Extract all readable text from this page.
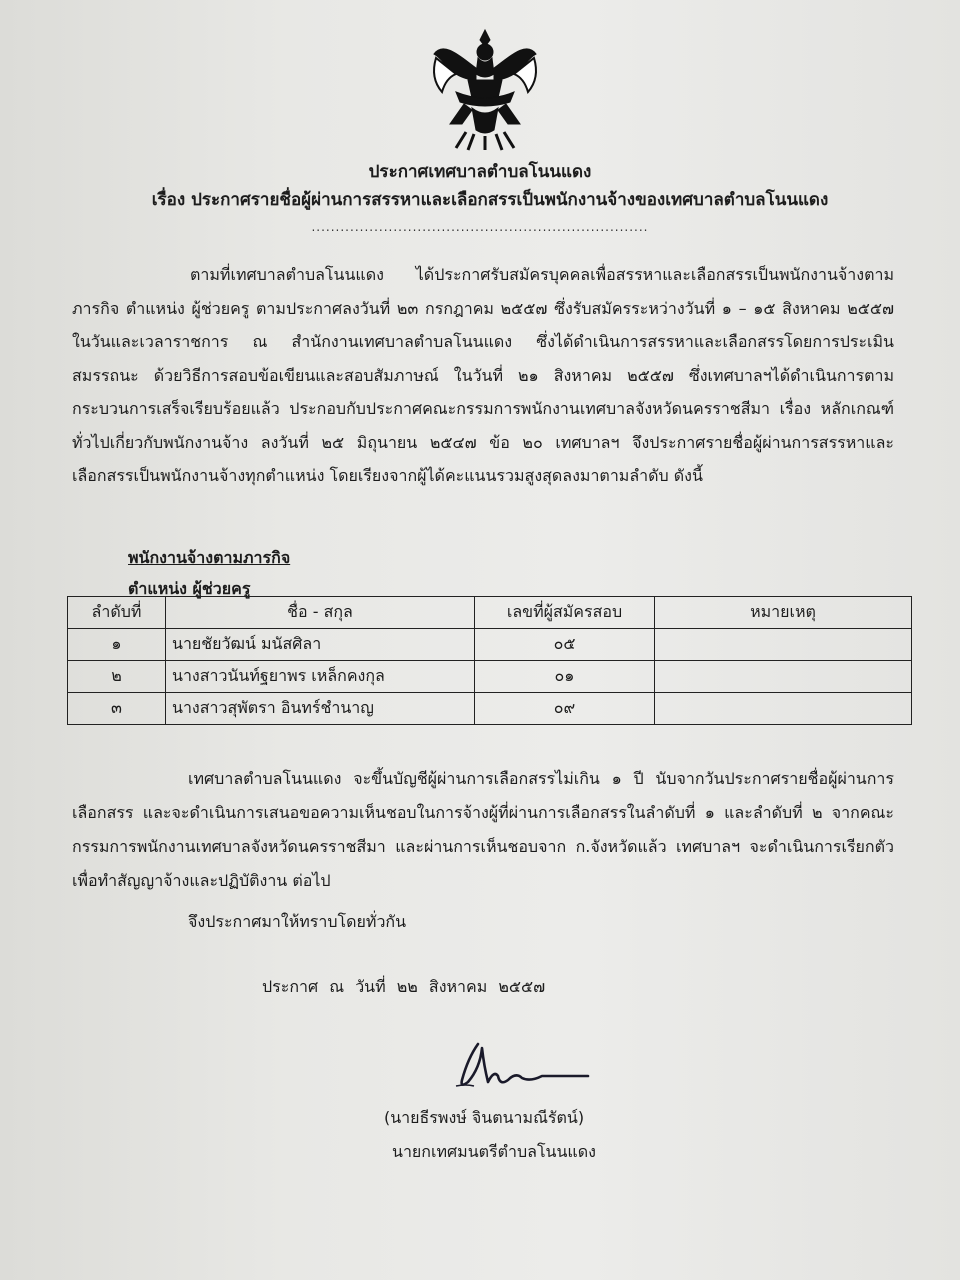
ประกาศเทศบาลตำบลโนนแดง
เรื่อง ประกาศรายชื่อผู้ผ่านการสรรหาและเลือกสรรเป็นพนักงานจ้างของเทศบาลตำบลโนนแดง
......................................................................
ตามที่เทศบาลตำบลโนนแดง ได้ประกาศรับสมัครบุคคลเพื่อสรรหาและเลือกสรรเป็นพนักงานจ้างตามภารกิจ ตำแหน่ง ผู้ช่วยครู ตามประกาศลงวันที่ ๒๓ กรกฎาคม ๒๕๕๗ ซึ่งรับสมัครระหว่างวันที่ ๑ – ๑๕ สิงหาคม ๒๕๕๗ ในวันและเวลาราชการ ณ สำนักงานเทศบาลตำบลโนนแดง ซึ่งได้ดำเนินการสรรหาและเลือกสรรโดยการประเมินสมรรถนะ ด้วยวิธีการสอบข้อเขียนและสอบสัมภาษณ์ ในวันที่ ๒๑ สิงหาคม ๒๕๕๗ ซึ่งเทศบาลฯได้ดำเนินการตามกระบวนการเสร็จเรียบร้อยแล้ว ประกอบกับประกาศคณะกรรมการพนักงานเทศบาลจังหวัดนครราชสีมา เรื่อง หลักเกณฑ์ทั่วไปเกี่ยวกับพนักงานจ้าง ลงวันที่ ๒๕ มิถุนายน ๒๕๔๗ ข้อ ๒๐ เทศบาลฯ จึงประกาศรายชื่อผู้ผ่านการสรรหาและเลือกสรรเป็นพนักงานจ้างทุกตำแหน่ง โดยเรียงจากผู้ได้คะแนนรวมสูงสุดลงมาตามลำดับ ดังนี้
พนักงานจ้างตามภารกิจ
ตำแหน่ง ผู้ช่วยครู
ลำดับที่	ชื่อ - สกุล	เลขที่ผู้สมัครสอบ	หมายเหตุ
๑	นายชัยวัฒน์ มนัสศิลา	๐๕	
๒	นางสาวนันท์ฐยาพร เหล็กคงกุล	๐๑	
๓	นางสาวสุพัตรา อินทร์ชำนาญ	๐๙	
เทศบาลตำบลโนนแดง จะขึ้นบัญชีผู้ผ่านการเลือกสรรไม่เกิน ๑ ปี นับจากวันประกาศรายชื่อผู้ผ่านการเลือกสรร และจะดำเนินการเสนอขอความเห็นชอบในการจ้างผู้ที่ผ่านการเลือกสรรในลำดับที่ ๑ และลำดับที่ ๒ จากคณะกรรมการพนักงานเทศบาลจังหวัดนครราชสีมา และผ่านการเห็นชอบจาก ก.จังหวัดแล้ว เทศบาลฯ จะดำเนินการเรียกตัวเพื่อทำสัญญาจ้างและปฏิบัติงาน ต่อไป
จึงประกาศมาให้ทราบโดยทั่วกัน
ประกาศ ณ วันที่ ๒๒ สิงหาคม ๒๕๕๗
(นายธีรพงษ์ จินตนามณีรัตน์)
นายกเทศมนตรีตำบลโนนแดง
